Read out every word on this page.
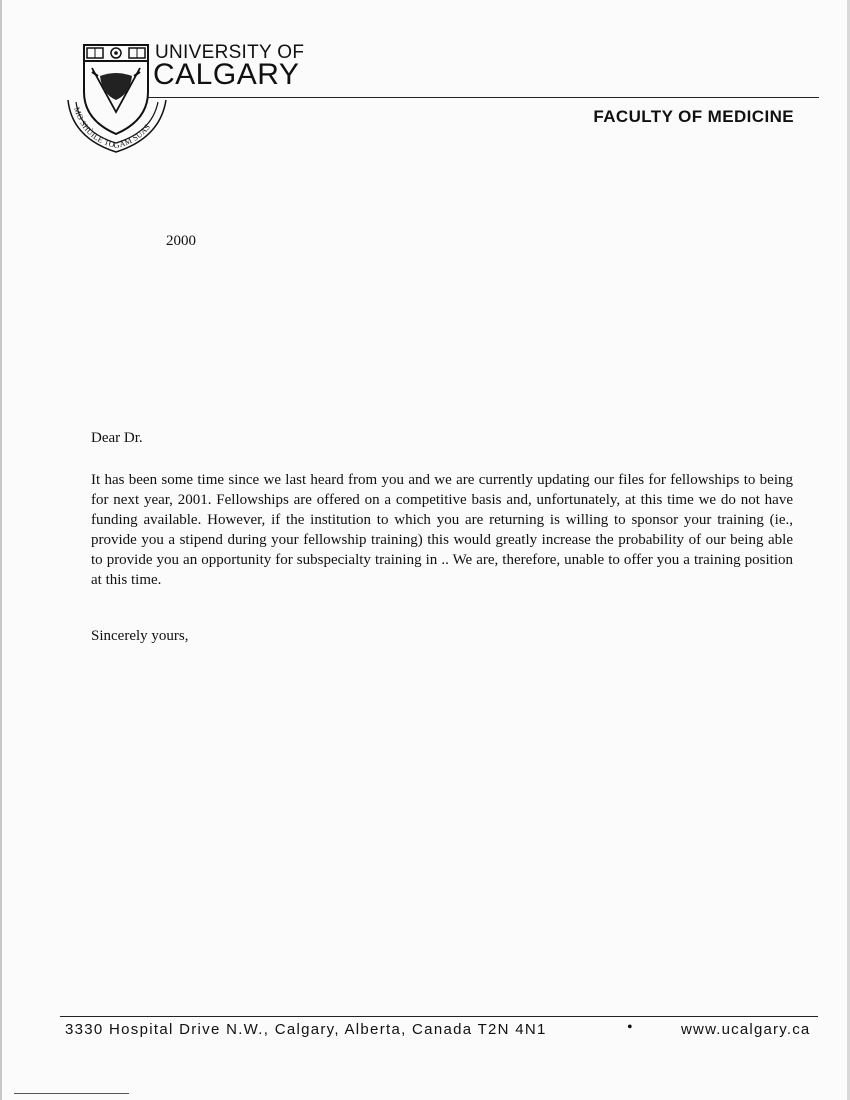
MO SHÙILE TOGAM SUAS
UNIVERSITY OF
CALGARY
FACULTY OF MEDICINE
2000
Dear Dr.

It has been some time since we last heard from you and we are currently updating our files for fellowships to being for next year, 2001. Fellowships are offered on a competitive basis and, unfortunately, at this time we do not have funding available. However, if the institution to which you are returning is willing to sponsor your training (ie., provide you a stipend during your fellowship training) this would greatly increase the probability of our being able to provide you an opportunity for subspecialty training in .. We are, therefore, unable to offer you a training position at this time.

Sincerely yours,
3330 Hospital Drive N.W., Calgary, Alberta, Canada T2N 4N1	•	www.ucalgary.ca
